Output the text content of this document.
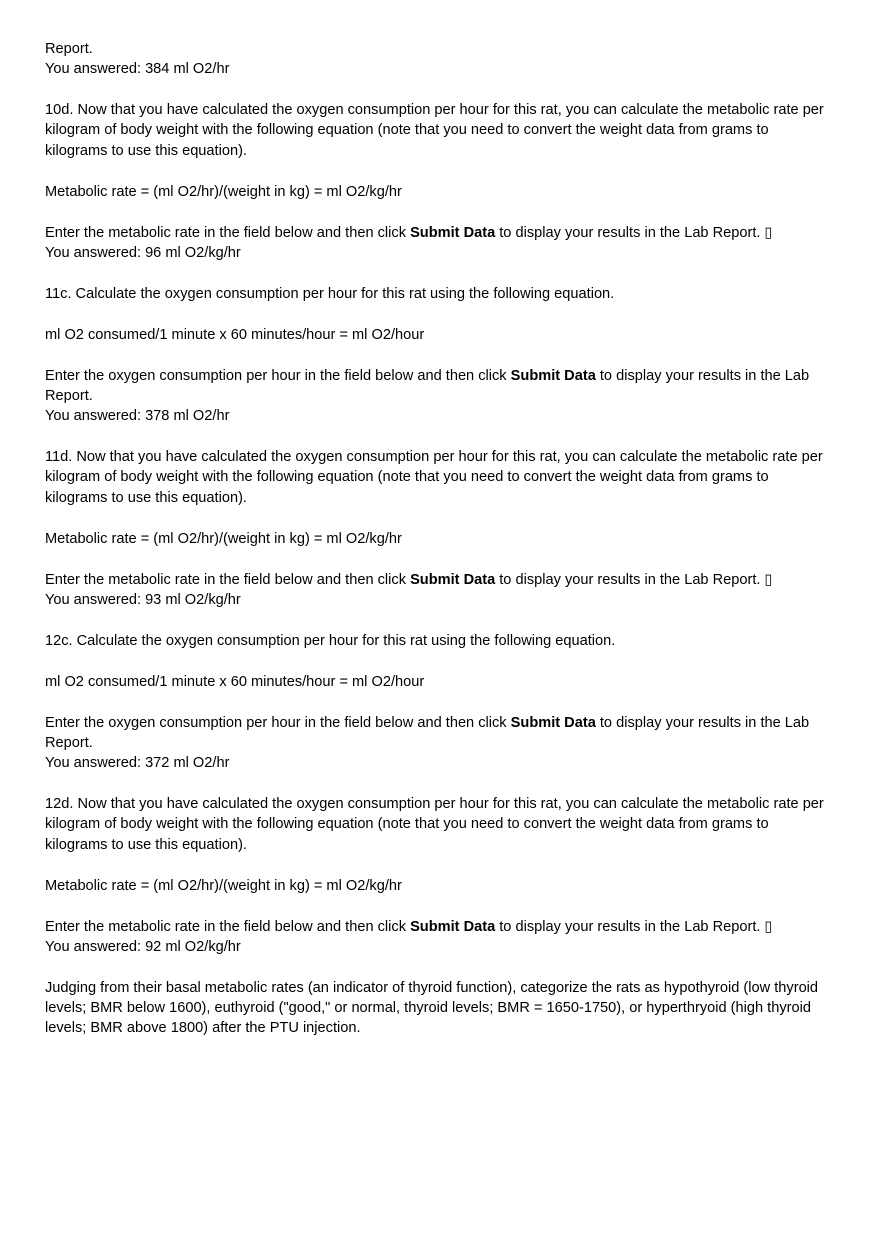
Report.
You answered: 384 ml O2/hr
10d. Now that you have calculated the oxygen consumption per hour for this rat, you can calculate the metabolic rate per kilogram of body weight with the following equation (note that you need to convert the weight data from grams to kilograms to use this equation).
Metabolic rate = (ml O2/hr)/(weight in kg) = ml O2/kg/hr
Enter the metabolic rate in the field below and then click Submit Data to display your results in the Lab Report. ▯
You answered: 96 ml O2/kg/hr
11c. Calculate the oxygen consumption per hour for this rat using the following equation.
ml O2 consumed/1 minute x 60 minutes/hour = ml O2/hour
Enter the oxygen consumption per hour in the field below and then click Submit Data to display your results in the Lab Report.
You answered: 378 ml O2/hr
11d. Now that you have calculated the oxygen consumption per hour for this rat, you can calculate the metabolic rate per kilogram of body weight with the following equation (note that you need to convert the weight data from grams to kilograms to use this equation).
Metabolic rate = (ml O2/hr)/(weight in kg) = ml O2/kg/hr
Enter the metabolic rate in the field below and then click Submit Data to display your results in the Lab Report. ▯
You answered: 93 ml O2/kg/hr
12c. Calculate the oxygen consumption per hour for this rat using the following equation.
ml O2 consumed/1 minute x 60 minutes/hour = ml O2/hour
Enter the oxygen consumption per hour in the field below and then click Submit Data to display your results in the Lab Report.
You answered: 372 ml O2/hr
12d. Now that you have calculated the oxygen consumption per hour for this rat, you can calculate the metabolic rate per kilogram of body weight with the following equation (note that you need to convert the weight data from grams to kilograms to use this equation).
Metabolic rate = (ml O2/hr)/(weight in kg) = ml O2/kg/hr
Enter the metabolic rate in the field below and then click Submit Data to display your results in the Lab Report. ▯
You answered: 92 ml O2/kg/hr
Judging from their basal metabolic rates (an indicator of thyroid function), categorize the rats as hypothyroid (low thyroid levels; BMR below 1600), euthyroid ("good," or normal, thyroid levels; BMR = 1650-1750), or hyperthryoid (high thyroid levels; BMR above 1800) after the PTU injection.
